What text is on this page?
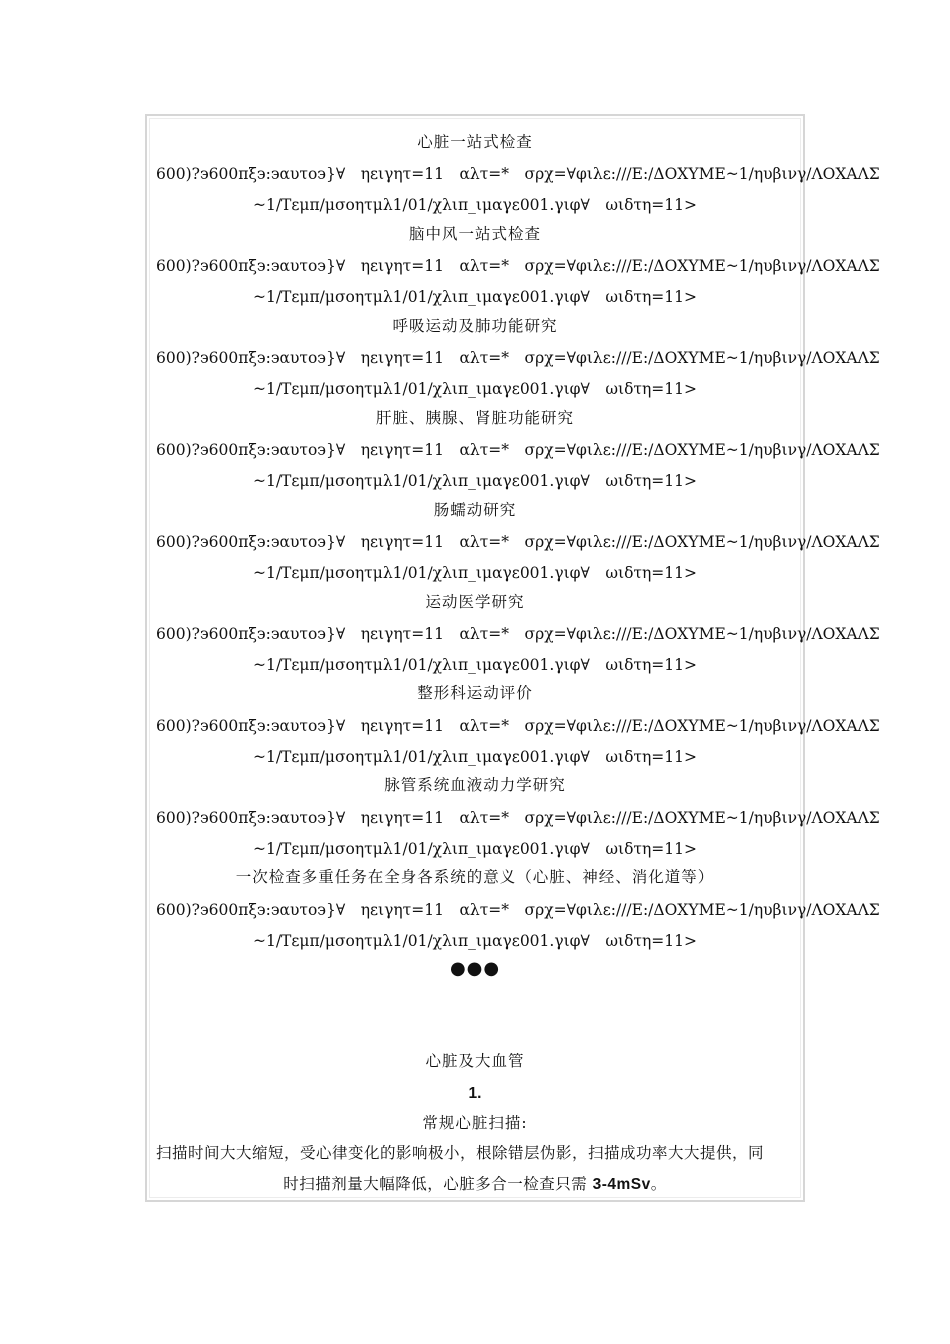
心脏一站式检查
600)?϶600πξ϶:϶αυτο϶}∀　ηειγητ=11　αλτ=*　σρχ=∀φιλε:///Ε:/ΔΟΧΥΜΕ~1/ηυβινγ/ΛΟΧΑΛΣ
~1/Τεμπ/μσοητμλ1/01/χλιπ_ιμαγε001.γιφ∀　ωιδτη=11>
脑中风一站式检查
600)?϶600πξ϶:϶αυτο϶}∀　ηειγητ=11　αλτ=*　σρχ=∀φιλε:///Ε:/ΔΟΧΥΜΕ~1/ηυβινγ/ΛΟΧΑΛΣ
~1/Τεμπ/μσοητμλ1/01/χλιπ_ιμαγε001.γιφ∀　ωιδτη=11>
呼吸运动及肺功能研究
600)?϶600πξ϶:϶αυτο϶}∀　ηειγητ=11　αλτ=*　σρχ=∀φιλε:///Ε:/ΔΟΧΥΜΕ~1/ηυβινγ/ΛΟΧΑΛΣ
~1/Τεμπ/μσοητμλ1/01/χλιπ_ιμαγε001.γιφ∀　ωιδτη=11>
肝脏、胰腺、肾脏功能研究
600)?϶600πξ϶:϶αυτο϶}∀　ηειγητ=11　αλτ=*　σρχ=∀φιλε:///Ε:/ΔΟΧΥΜΕ~1/ηυβινγ/ΛΟΧΑΛΣ
~1/Τεμπ/μσοητμλ1/01/χλιπ_ιμαγε001.γιφ∀　ωιδτη=11>
肠蠕动研究
600)?϶600πξ϶:϶αυτο϶}∀　ηειγητ=11　αλτ=*　σρχ=∀φιλε:///Ε:/ΔΟΧΥΜΕ~1/ηυβινγ/ΛΟΧΑΛΣ
~1/Τεμπ/μσοητμλ1/01/χλιπ_ιμαγε001.γιφ∀　ωιδτη=11>
运动医学研究
600)?϶600πξ϶:϶αυτο϶}∀　ηειγητ=11　αλτ=*　σρχ=∀φιλε:///Ε:/ΔΟΧΥΜΕ~1/ηυβινγ/ΛΟΧΑΛΣ
~1/Τεμπ/μσοητμλ1/01/χλιπ_ιμαγε001.γιφ∀　ωιδτη=11>
整形科运动评价
600)?϶600πξ϶:϶αυτο϶}∀　ηειγητ=11　αλτ=*　σρχ=∀φιλε:///Ε:/ΔΟΧΥΜΕ~1/ηυβινγ/ΛΟΧΑΛΣ
~1/Τεμπ/μσοητμλ1/01/χλιπ_ιμαγε001.γιφ∀　ωιδτη=11>
脉管系统血液动力学研究
600)?϶600πξ϶:϶αυτο϶}∀　ηειγητ=11　αλτ=*　σρχ=∀φιλε:///Ε:/ΔΟΧΥΜΕ~1/ηυβινγ/ΛΟΧΑΛΣ
~1/Τεμπ/μσοητμλ1/01/χλιπ_ιμαγε001.γιφ∀　ωιδτη=11>
一次检查多重任务在全身各系统的意义（心脏、神经、消化道等）
600)?϶600πξ϶:϶αυτο϶}∀　ηειγητ=11　αλτ=*　σρχ=∀φιλε:///Ε:/ΔΟΧΥΜΕ~1/ηυβινγ/ΛΟΧΑΛΣ
~1/Τεμπ/μσοητμλ1/01/χλιπ_ιμαγε001.γιφ∀　ωιδτη=11>
●●●
心脏及大血管
1.
常规心脏扫描:
扫描时间大大缩短，受心律变化的影响极小，根除错层伪影，扫描成功率大大提供，同
时扫描剂量大幅降低，心脏多合一检查只需 3-4mSv。
